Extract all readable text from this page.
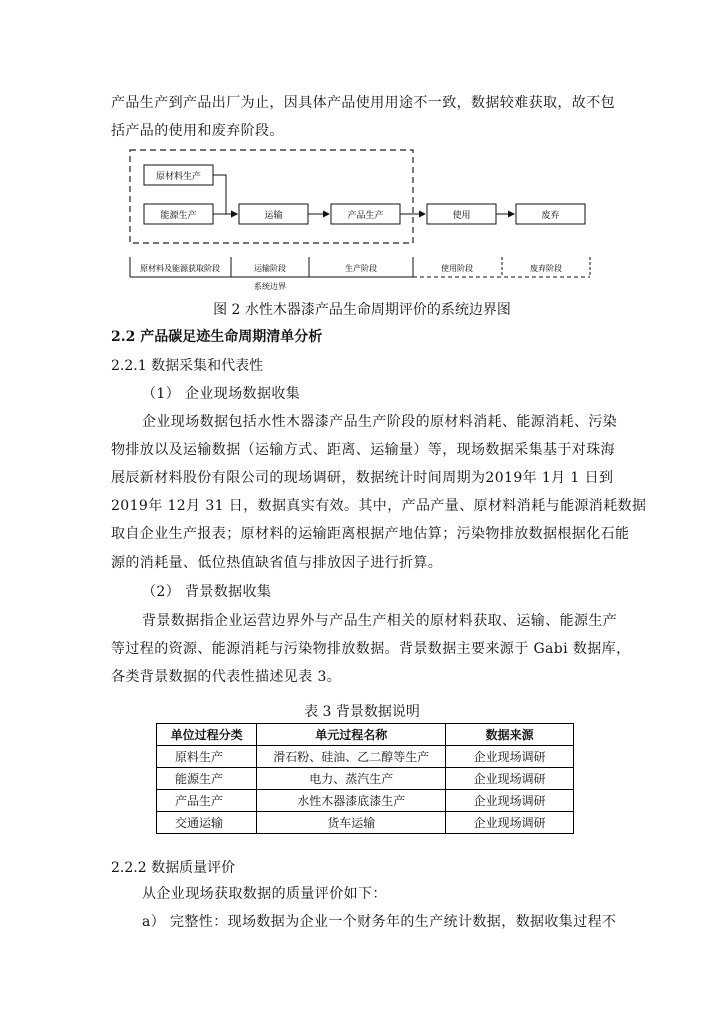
产品生产到产品出厂为止，因具体产品使用用途不一致，数据较难获取，故不包
括产品的使用和废弃阶段。
原材料生产
能源生产	运输	产品生产	使用	废弃
原材料及能源获取阶段	运输阶段	生产阶段	使用阶段	废弃阶段
系统边界
图 2 水性木器漆产品生命周期评价的系统边界图
2.2 产品碳足迹生命周期清单分析
2.2.1 数据采集和代表性
（1） 企业现场数据收集
企业现场数据包括水性木器漆产品生产阶段的原材料消耗、能源消耗、污染
物排放以及运输数据（运输方式、距离、运输量）等，现场数据采集基于对珠海
展辰新材料股份有限公司的现场调研，数据统计时间周期为2019年 1月 1 日到
2019年 12月 31 日，数据真实有效。其中，产品产量、原材料消耗与能源消耗数据
取自企业生产报表；原材料的运输距离根据产地估算；污染物排放数据根据化石能
源的消耗量、低位热值缺省值与排放因子进行折算。
（2） 背景数据收集
背景数据指企业运营边界外与产品生产相关的原材料获取、运输、能源生产
等过程的资源、能源消耗与污染物排放数据。背景数据主要来源于 Gabi 数据库，
各类背景数据的代表性描述见表 3。
表 3 背景数据说明
单位过程分类	单元过程名称	数据来源
原料生产	滑石粉、硅油、乙二醇等生产	企业现场调研
能源生产	电力、蒸汽生产	企业现场调研
产品生产	水性木器漆底漆生产	企业现场调研
交通运输	货车运输	企业现场调研
2.2.2 数据质量评价
从企业现场获取数据的质量评价如下：
a） 完整性：现场数据为企业一个财务年的生产统计数据，数据收集过程不
